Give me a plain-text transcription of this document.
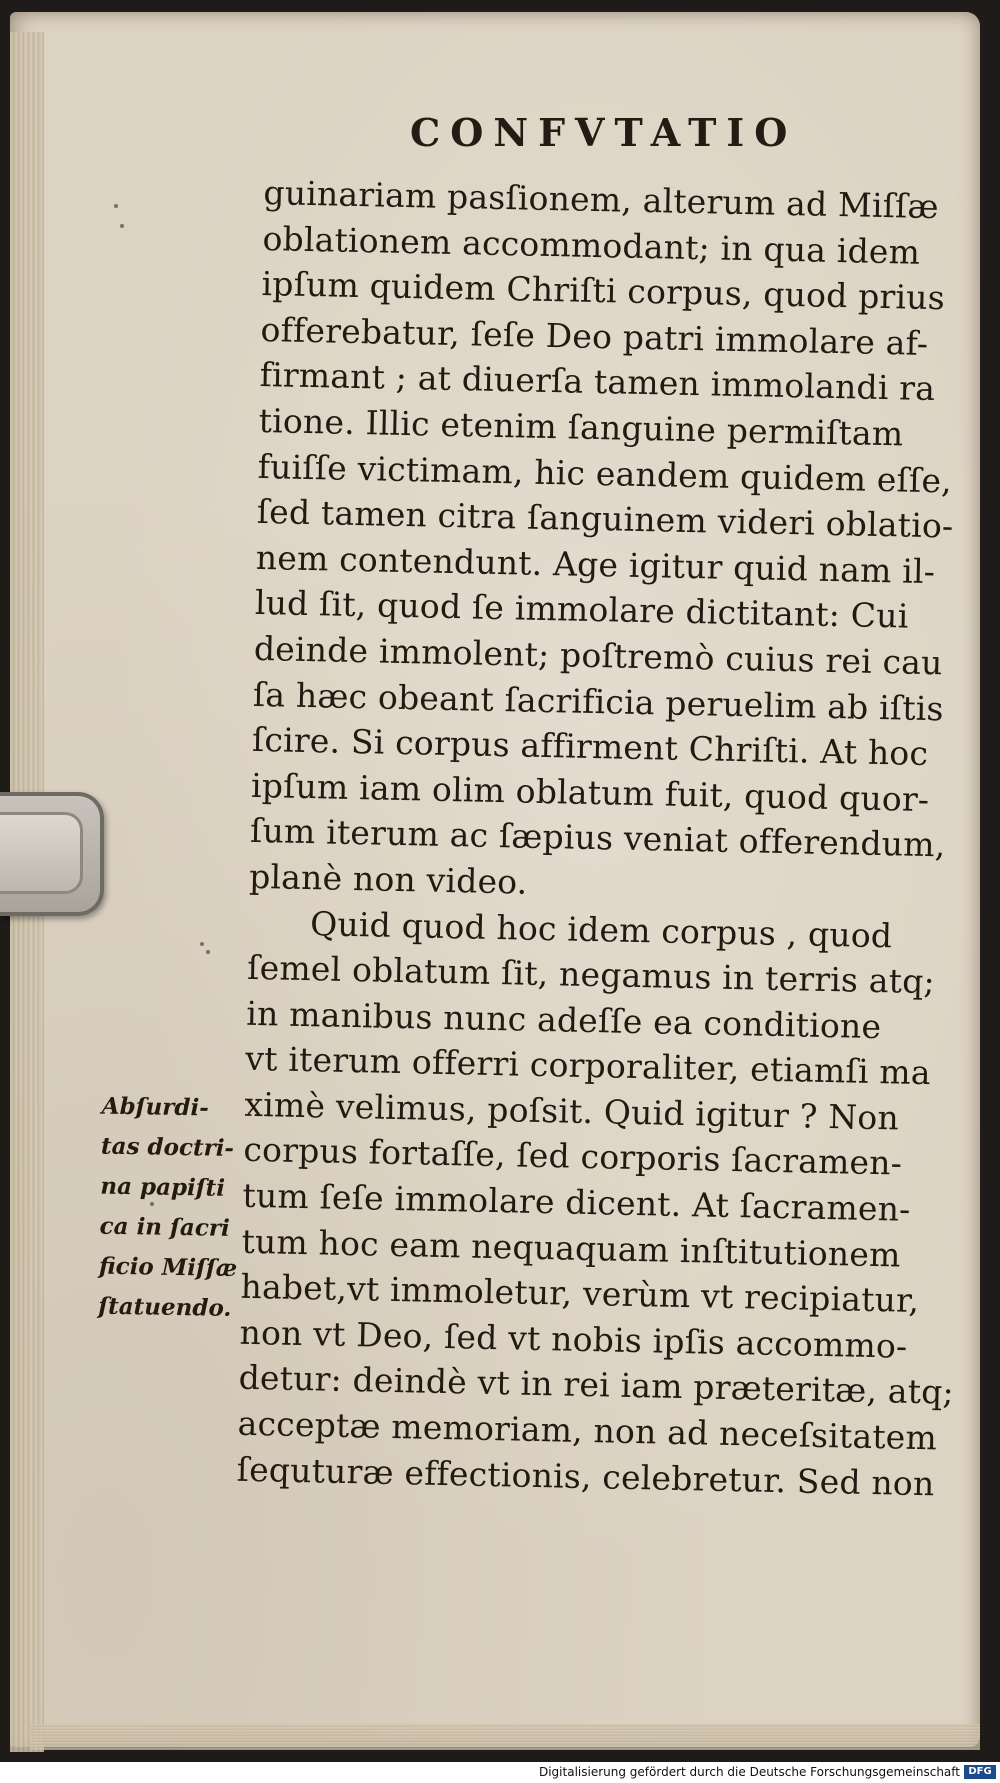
CONFVTATIO
guinariam pasſionem, alterum ad Miſſæ
oblationem accommodant; in qua idem
ipſum quidem Chriſti corpus, quod prius
offerebatur, ſeſe Deo patri immolare af-
firmant ; at diuerſa tamen immolandi ra
tione. Illic etenim ſanguine permiſtam
fuiſſe victimam, hic eandem quidem eſſe,
ſed tamen citra ſanguinem videri oblatio-
nem contendunt. Age igitur quid nam il-
lud ſit, quod ſe immolare dictitant: Cui
deinde immolent; poſtremò cuius rei cau
ſa hæc obeant ſacrificia peruelim ab iſtis
ſcire. Si corpus affirment Chriſti. At hoc
ipſum iam olim oblatum fuit, quod quor-
ſum iterum ac ſæpius veniat offerendum,
planè non video.
Quid quod hoc idem corpus , quod
ſemel oblatum ſit, negamus in terris atq;
in manibus nunc adeſſe ea conditione
vt iterum offerri corporaliter, etiamſi ma
ximè velimus, poſsit. Quid igitur ? Non
corpus fortaſſe, ſed corporis ſacramen-
tum ſeſe immolare dicent. At ſacramen-
tum hoc eam nequaquam inſtitutionem
habet,vt immoletur, verùm vt recipiatur,
non vt Deo, ſed vt nobis ipſis accommo-
detur: deindè vt in rei iam præteritæ, atq;
acceptæ memoriam, non ad neceſsitatem
ſequturæ effectionis, celebretur. Sed non
Abſurdi-
tas doctri-
na papiſti
ca in ſacri
ficio Miſſæ
ſtatuendo.
Digitalisierung gefördert durch die Deutsche Forschungsgemeinschaft DFG
